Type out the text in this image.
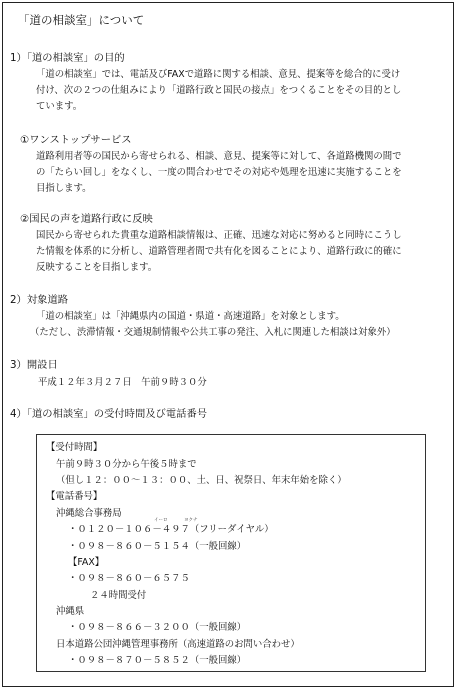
「道の相談室」について
1）「道の相談室」の目的
「道の相談室」では、電話及びFAXで道路に関する相談、意見、提案等を総合的に受け
付け、次の２つの仕組みにより「道路行政と国民の接点」をつくることをその目的とし
ています。
①ワンストップサービス
道路利用者等の国民から寄せられる、相談、意見、提案等に対して、各道路機関の間で
の「たらい回し」をなくし、一度の問合わせでその対応や処理を迅速に実施することを
目指します。
②国民の声を道路行政に反映
国民から寄せられた貴重な道路相談情報は、正確、迅速な対応に努めると同時にこうし
た情報を体系的に分析し、道路管理者間で共有化を図ることにより、道路行政に的確に
反映することを目指します。
2）対象道路
「道の相談室」は「沖縄県内の国道・県道・高速道路」を対象とします。
（ただし、渋滞情報・交通規制情報や公共工事の発注、入札に関連した相談は対象外）
3）開設日
平成１２年３月２７日　午前９時３０分
4）「道の相談室」の受付時間及び電話番号
【受付時間】
午前９時３０分から午後５時まで
（但し１２：００～１３：００、土、日、祝祭日、年末年始を除く）
【電話番号】
沖縄総合事務局
イーロ	ヨクナ
・０１２０－１０６－４９７（フリーダイヤル）
・０９８－８６０－５１５４（一般回線）
【FAX】
・０９８－８６０－６５７５
２４時間受付
沖縄県
・０９８－８６６－３２００（一般回線）
日本道路公団沖縄管理事務所（高速道路のお問い合わせ）
・０９８－８７０－５８５２（一般回線）
